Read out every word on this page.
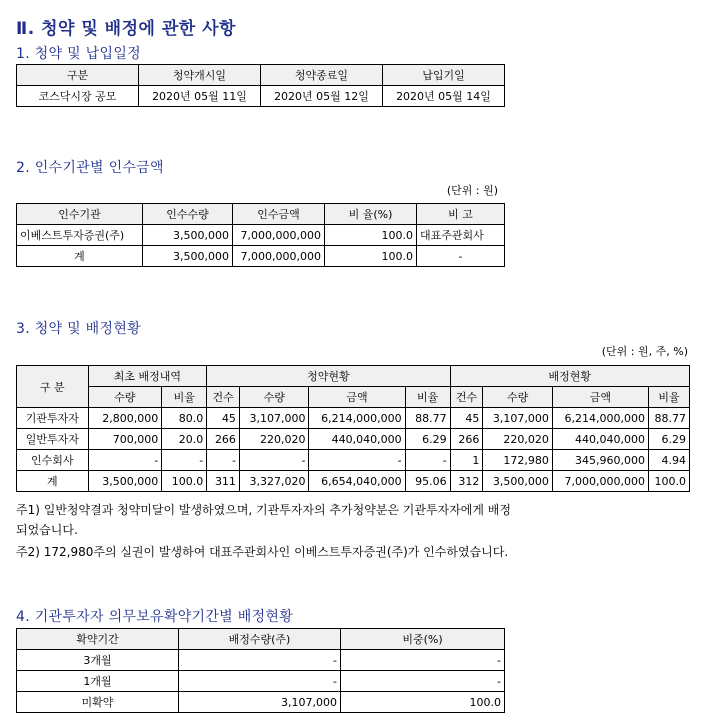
Ⅱ. 청약 및 배정에 관한 사항
1. 청약 및 납입일정
구분	청약개시일	청약종료일	납입기일
코스닥시장 공모	2020년 05월 11일	2020년 05월 12일	2020년 05월 14일
2. 인수기관별 인수금액
(단위 : 원)
인수기관	인수수량	인수금액	비 율(%)	비 고
이베스트투자증권(주)	3,500,000	7,000,000,000	100.0	대표주관회사
계	3,500,000	7,000,000,000	100.0	-
3. 청약 및 배정현황
(단위 : 원, 주, %)
구 분	최초 배정내역		청약현황				배정현황			
	수량	비율	건수	수량	금액	비율	건수	수량	금액	비율
기관투자자	2,800,000	80.0	45	3,107,000	6,214,000,000	88.77	45	3,107,000	6,214,000,000	88.77
일반투자자	700,000	20.0	266	220,020	440,040,000	6.29	266	220,020	440,040,000	6.29
인수회사	-	-	-	-	-	-	1	172,980	345,960,000	4.94
계	3,500,000	100.0	311	3,327,020	6,654,040,000	95.06	312	3,500,000	7,000,000,000	100.0
주1) 일반청약결과 청약미달이 발생하였으며, 기관투자자의 추가청약분은 기관투자자에게 배정되었습니다.
주2) 172,980주의 실권이 발생하여 대표주관회사인 이베스트투자증권(주)가 인수하였습니다.
4. 기관투자자 의무보유확약기간별 배정현황
확약기간	배정수량(주)	비중(%)
3개월	-	-
1개월	-	-
미확약	3,107,000	100.0
